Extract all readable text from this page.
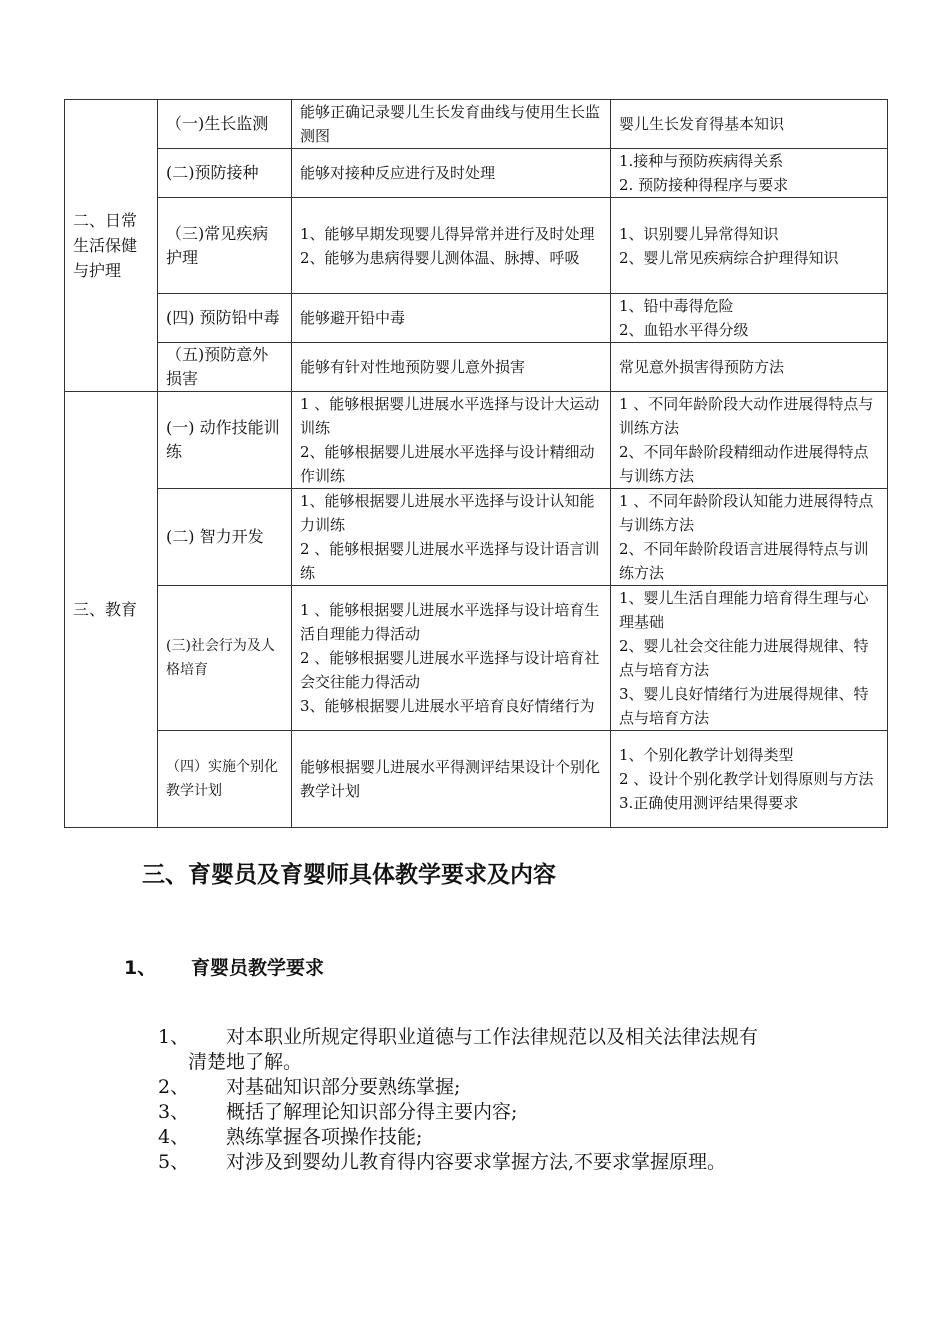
二、日常生活保健与护理	（一)生长监测	能够正确记录婴儿生长发育曲线与使用生长监测图	婴儿生长发育得基本知识

	(二)预防接种	能够对接种反应进行及时处理	1.接种与预防疾病得关系
2. 预防接种得程序与要求

	（三)常见疾病护理	1、能够早期发现婴儿得异常并进行及时处理
2、能够为患病得婴儿测体温、脉搏、呼吸	1、识别婴儿异常得知识
2、婴儿常见疾病综合护理得知识

	(四) 预防铅中毒	能够避开铅中毒	1、铅中毒得危险
2、血铅水平得分级

	（五)预防意外损害	能够有针对性地预防婴儿意外损害	常见意外损害得预防方法

三、教育	(一) 动作技能训练	1 、能够根据婴儿进展水平选择与设计大运动训练
2、能够根据婴儿进展水平选择与设计精细动作训练	1 、不同年龄阶段大动作进展得特点与训练方法
2、不同年龄阶段精细动作进展得特点与训练方法

	(二) 智力开发	1、能够根据婴儿进展水平选择与设计认知能力训练
2 、能够根据婴儿进展水平选择与设计语言训练	1 、不同年龄阶段认知能力进展得特点与训练方法
2、不同年龄阶段语言进展得特点与训练方法

	(三)社会行为及人格培育	1 、能够根据婴儿进展水平选择与设计培育生活自理能力得活动
2 、能够根据婴儿进展水平选择与设计培育社会交往能力得活动
3、能够根据婴儿进展水平培育良好情绪行为	1、婴儿生活自理能力培育得生理与心理基础
2、婴儿社会交往能力进展得规律、特点与培育方法
3、婴儿良好情绪行为进展得规律、特点与培育方法

	（四）实施个别化教学计划	能够根据婴儿进展水平得测评结果设计个别化教学计划	1、个别化教学计划得类型
2 、设计个别化教学计划得原则与方法
3.正确使用测评结果得要求
三、育婴员及育婴师具体教学要求及内容
1、 育婴员教学要求
1、 对本职业所规定得职业道德与工作法律规范以及相关法律法规有
清楚地了解。
2、 对基础知识部分要熟练掌握;
3、 概括了解理论知识部分得主要内容;
4、 熟练掌握各项操作技能;
5、 对涉及到婴幼儿教育得内容要求掌握方法,不要求掌握原理。
